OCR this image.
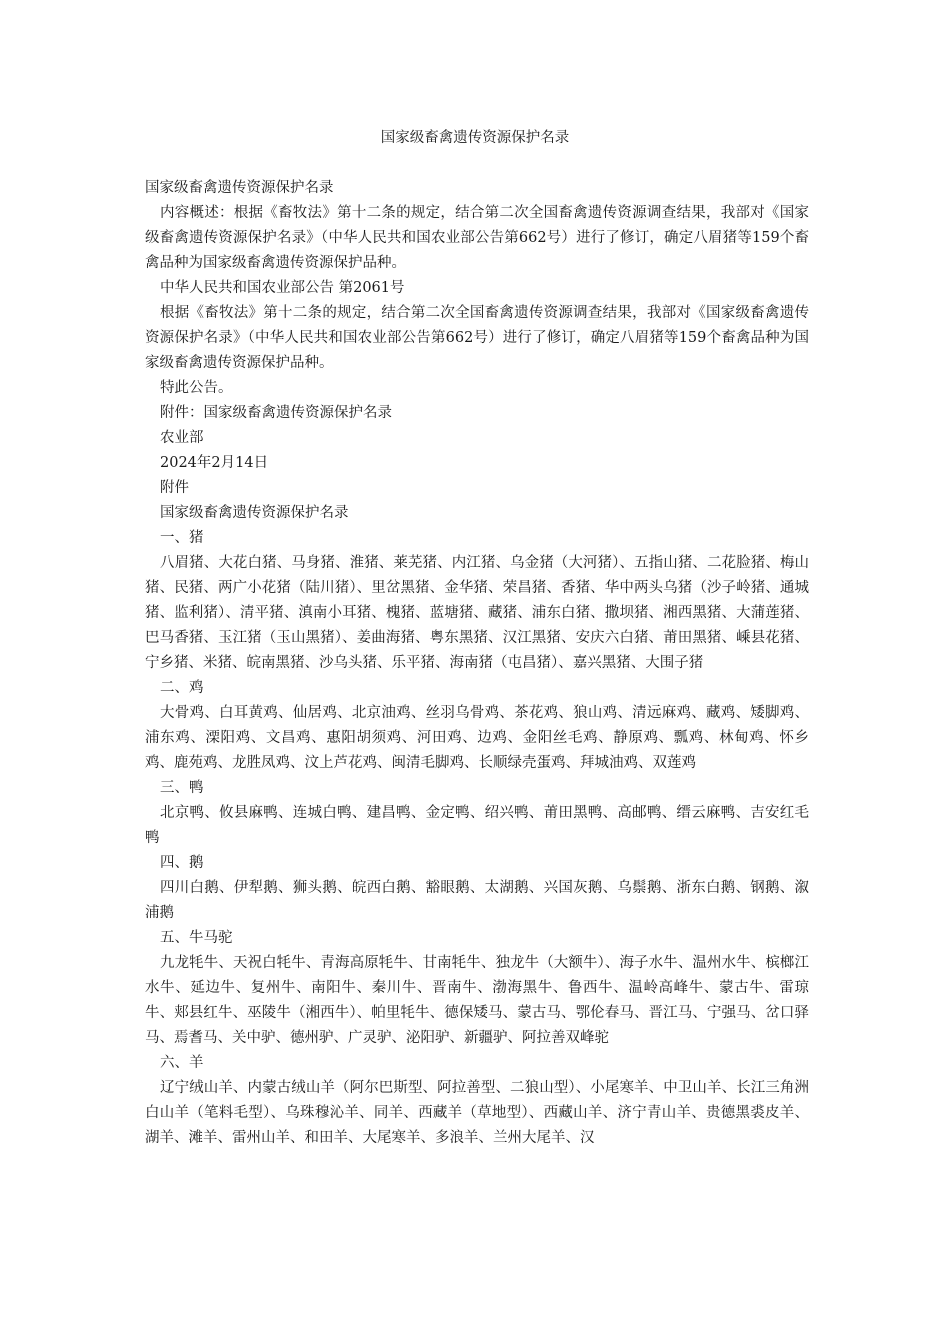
国家级畜禽遗传资源保护名录

国家级畜禽遗传资源保护名录

内容概述：根据《畜牧法》第十二条的规定，结合第二次全国畜禽遗传资源调查结果，我部对《国家级畜禽遗传资源保护名录》（中华人民共和国农业部公告第662号）进行了修订，确定八眉猪等159个畜禽品种为国家级畜禽遗传资源保护品种。

中华人民共和国农业部公告 第2061号

根据《畜牧法》第十二条的规定，结合第二次全国畜禽遗传资源调查结果，我部对《国家级畜禽遗传资源保护名录》（中华人民共和国农业部公告第662号）进行了修订，确定八眉猪等159个畜禽品种为国家级畜禽遗传资源保护品种。

特此公告。

附件：国家级畜禽遗传资源保护名录

农业部

2024年2月14日

附件

国家级畜禽遗传资源保护名录

一、猪

八眉猪、大花白猪、马身猪、淮猪、莱芜猪、内江猪、乌金猪（大河猪）、五指山猪、二花脸猪、梅山猪、民猪、两广小花猪（陆川猪）、里岔黑猪、金华猪、荣昌猪、香猪、华中两头乌猪（沙子岭猪、通城猪、监利猪）、清平猪、滇南小耳猪、槐猪、蓝塘猪、藏猪、浦东白猪、撒坝猪、湘西黑猪、大蒲莲猪、巴马香猪、玉江猪（玉山黑猪）、姜曲海猪、粤东黑猪、汉江黑猪、安庆六白猪、莆田黑猪、嵊县花猪、宁乡猪、米猪、皖南黑猪、沙乌头猪、乐平猪、海南猪（屯昌猪）、嘉兴黑猪、大围子猪

二、鸡

大骨鸡、白耳黄鸡、仙居鸡、北京油鸡、丝羽乌骨鸡、茶花鸡、狼山鸡、清远麻鸡、藏鸡、矮脚鸡、浦东鸡、溧阳鸡、文昌鸡、惠阳胡须鸡、河田鸡、边鸡、金阳丝毛鸡、静原鸡、瓢鸡、林甸鸡、怀乡鸡、鹿苑鸡、龙胜凤鸡、汶上芦花鸡、闽清毛脚鸡、长顺绿壳蛋鸡、拜城油鸡、双莲鸡

三、鸭

北京鸭、攸县麻鸭、连城白鸭、建昌鸭、金定鸭、绍兴鸭、莆田黑鸭、高邮鸭、缙云麻鸭、吉安红毛鸭

四、鹅

四川白鹅、伊犁鹅、狮头鹅、皖西白鹅、豁眼鹅、太湖鹅、兴国灰鹅、乌鬃鹅、浙东白鹅、钢鹅、溆浦鹅

五、牛马驼

九龙牦牛、天祝白牦牛、青海高原牦牛、甘南牦牛、独龙牛（大额牛）、海子水牛、温州水牛、槟榔江水牛、延边牛、复州牛、南阳牛、秦川牛、晋南牛、渤海黑牛、鲁西牛、温岭高峰牛、蒙古牛、雷琼牛、郏县红牛、巫陵牛（湘西牛）、帕里牦牛、德保矮马、蒙古马、鄂伦春马、晋江马、宁强马、岔口驿马、焉耆马、关中驴、德州驴、广灵驴、泌阳驴、新疆驴、阿拉善双峰驼

六、羊

辽宁绒山羊、内蒙古绒山羊（阿尔巴斯型、阿拉善型、二狼山型）、小尾寒羊、中卫山羊、长江三角洲白山羊（笔料毛型）、乌珠穆沁羊、同羊、西藏羊（草地型）、西藏山羊、济宁青山羊、贵德黑裘皮羊、湖羊、滩羊、雷州山羊、和田羊、大尾寒羊、多浪羊、兰州大尾羊、汉
